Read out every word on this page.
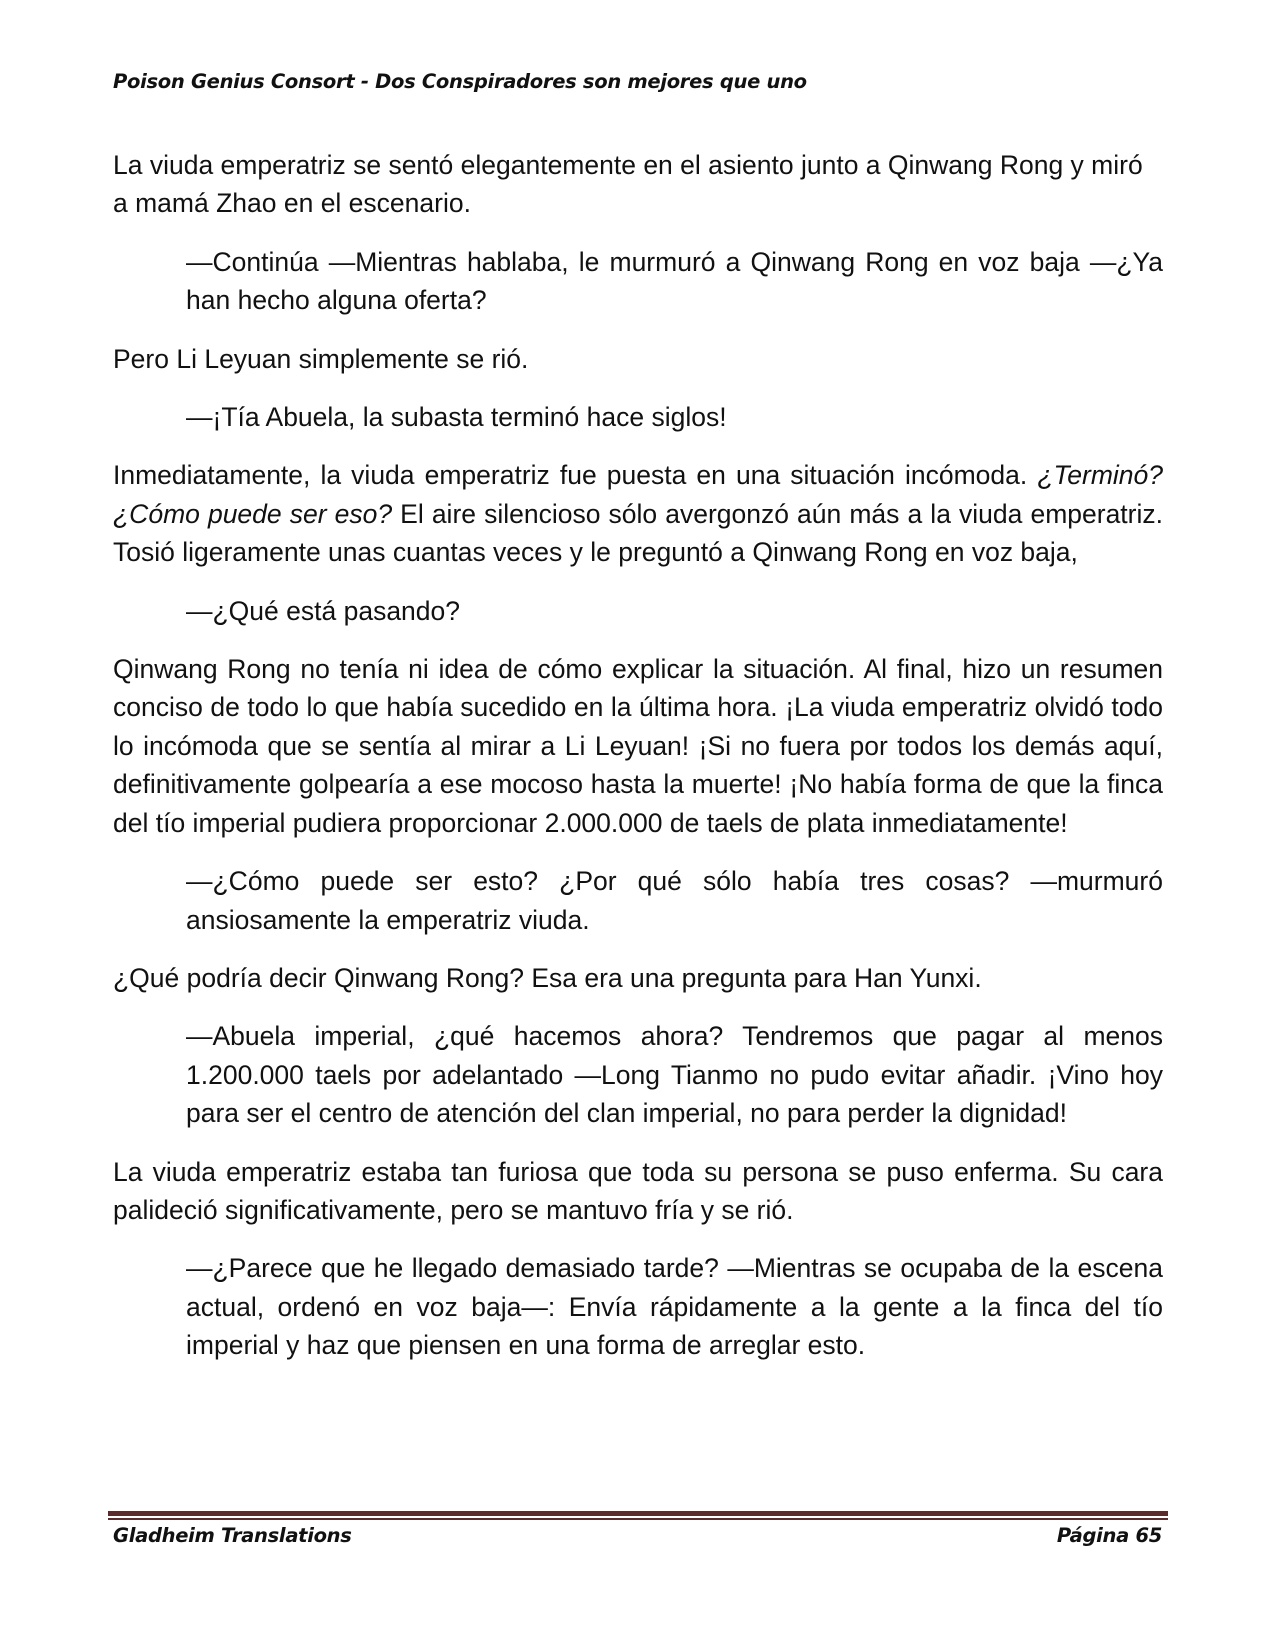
Poison Genius Consort - Dos Conspiradores son mejores que uno

La viuda emperatriz se sentó elegantemente en el asiento junto a Qinwang Rong y miró a mamá Zhao en el escenario.

—Continúa —Mientras hablaba, le murmuró a Qinwang Rong en voz baja —¿Ya han hecho alguna oferta?

Pero Li Leyuan simplemente se rió.

—¡Tía Abuela, la subasta terminó hace siglos!

Inmediatamente, la viuda emperatriz fue puesta en una situación incómoda. ¿Terminó? ¿Cómo puede ser eso? El aire silencioso sólo avergonzó aún más a la viuda emperatriz. Tosió ligeramente unas cuantas veces y le preguntó a Qinwang Rong en voz baja,

—¿Qué está pasando?

Qinwang Rong no tenía ni idea de cómo explicar la situación. Al final, hizo un resumen conciso de todo lo que había sucedido en la última hora. ¡La viuda emperatriz olvidó todo lo incómoda que se sentía al mirar a Li Leyuan! ¡Si no fuera por todos los demás aquí, definitivamente golpearía a ese mocoso hasta la muerte! ¡No había forma de que la finca del tío imperial pudiera proporcionar 2.000.000 de taels de plata inmediatamente!

—¿Cómo puede ser esto? ¿Por qué sólo había tres cosas? —murmuró ansiosamente la emperatriz viuda.

¿Qué podría decir Qinwang Rong? Esa era una pregunta para Han Yunxi.

—Abuela imperial, ¿qué hacemos ahora? Tendremos que pagar al menos 1.200.000 taels por adelantado —Long Tianmo no pudo evitar añadir. ¡Vino hoy para ser el centro de atención del clan imperial, no para perder la dignidad!

La viuda emperatriz estaba tan furiosa que toda su persona se puso enferma. Su cara palideció significativamente, pero se mantuvo fría y se rió.

—¿Parece que he llegado demasiado tarde? —Mientras se ocupaba de la escena actual, ordenó en voz baja—: Envía rápidamente a la gente a la finca del tío imperial y haz que piensen en una forma de arreglar esto.

Gladheim Translations	Página 65
